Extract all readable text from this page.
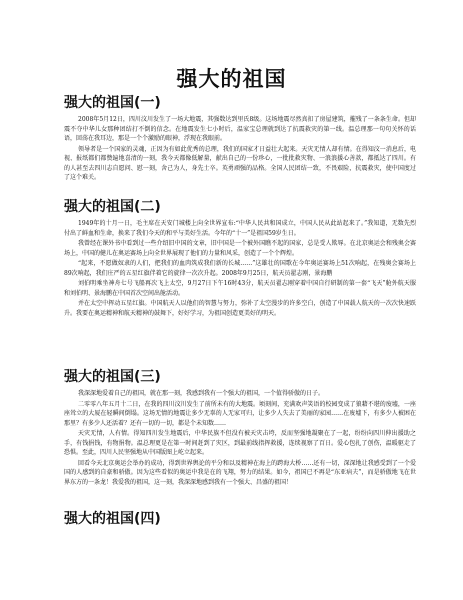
强大的祖国
强大的祖国(一)

2008年5月12日，四川汶川发生了一场大地震，其强数达到里氏8级。这场地震尽然真扣了房屋建筑，摧残了一条条生命。但却震不夺中华儿女那种团结打不倒的信念。在地震发生七小时后，温家宝总理就到达了抗震救灾的第一线。温总理那一句句关怀的话语，回荡在我耳边，那是一个个激励的眼神，浮现在我眼前。

领导者是一个国家的灵魂，正因为有如此优秀的总理，我们的国家才日益壮大起来。天灾无情人却有情。在得知汶一消息后，电视、报纸都们都赞遍地喜清的一刻，我今天都像低解量，献出自己的一份珍心，一批批救灾物、一浪浪援心善款，都抵达了四川。有的人甚至去四川志自愿问、慰一刻，舍己为人，身先士卒。英勇顽强的品格。全国人民团结一致，不畏艰险，抗震救灾，使中国度过了这个难关。

强大的祖国(二)

1949年的十月一日，毛主席在天安门城楼上向全世界宣布:“中华人民共和国成立，中国人民从此站起来了。”我知道，无数先烈付出了鲜血和生命，换来了我们今天的和平与美好生活。今年的“十一”是祖国59岁生日。

我曾经在课外书中看到过一些介绍旧中国的文章，旧中国是一个被外国瞧不起的国家，总是受人欺辱。在北京奥运会和残奥会赛场上，中国的健儿在奥运赛场上向全世界展现了他们的力量和风采，创造了一个个辉煌。

“起来，不愿做奴隶的人们，把我们的血肉筑成我们新的长城……”这雄壮的国歌在今年奥运赛场上51次响起，在残奥会赛场上89次响起，我们庄严的五星红旗伴着它的旋律一次次升起。2008年9月25日，航天员翟志刚，景海鹏

刘伯明乘坐神舟七号飞船再次飞上太空，9月27日下午16时43分，航天员翟志刚穿着中国自行研制的第一套“飞天”舱外航天服和刘伯明、景海鹏在中国首次空间出舱活动。

并在太空中挥动五星红旗。中国航天人以他们的智慧与努力，弥补了太空漫步的许多空白，创造了中国载人航天的一次次快速跃升。我要在奥运精神和航天精神的鼓舞下，好好学习，为祖国创造更美好的明天。

强大的祖国(三)

我深深地爱着自己的祖国，就在那一刻，我感到我有一个强大的祖国，一个值得骄傲的日子。

二零零八年五月十二日，在我的四川汶川发生了前所未有的大地震。顷刻间，充满欢声笑语的校园变成了狼藉不堪的废墟，一座座耸立的大厦在轻瞬间倒塌。这场无情的地震让多少无辜的人无家可归，让多少人失去了美丽的家园……在废墟下，有多少人被困在那里？有多少人还活着？还有一切的一切，都是个未知数……

天灾无情，人有情。得知四川发生地震后，中华民族不但没有被天灾击垮，反而坚强地凝聚在了一起，纷纷向四川伸出援助之手，有钱捐钱，有物捐物。温总理更是在第一时间赶到了灾区，到最前线指挥救援，连续视察了百日。爱心包扎了创伤，温暖驱走了恐惧。至此，四川人民坚强地从中国版图上屹立起来。

回看今天北京奥运会举办的成功，得到世界舆论的平分和以及精神在海上的跨海大桥……还有一切，深深地让我感受到了一个爱国的人感到的自豪和骄傲。因为这些看似的奥运中我是在的飞翔，努力的结果。如今，祖国已不再是“东亚病夫”，而是骄傲地飞在世界东方的一条龙！我爱我的祖国，这一刻，我深深地感到我有一个强大、昌盛的祖国！

强大的祖国(四)
